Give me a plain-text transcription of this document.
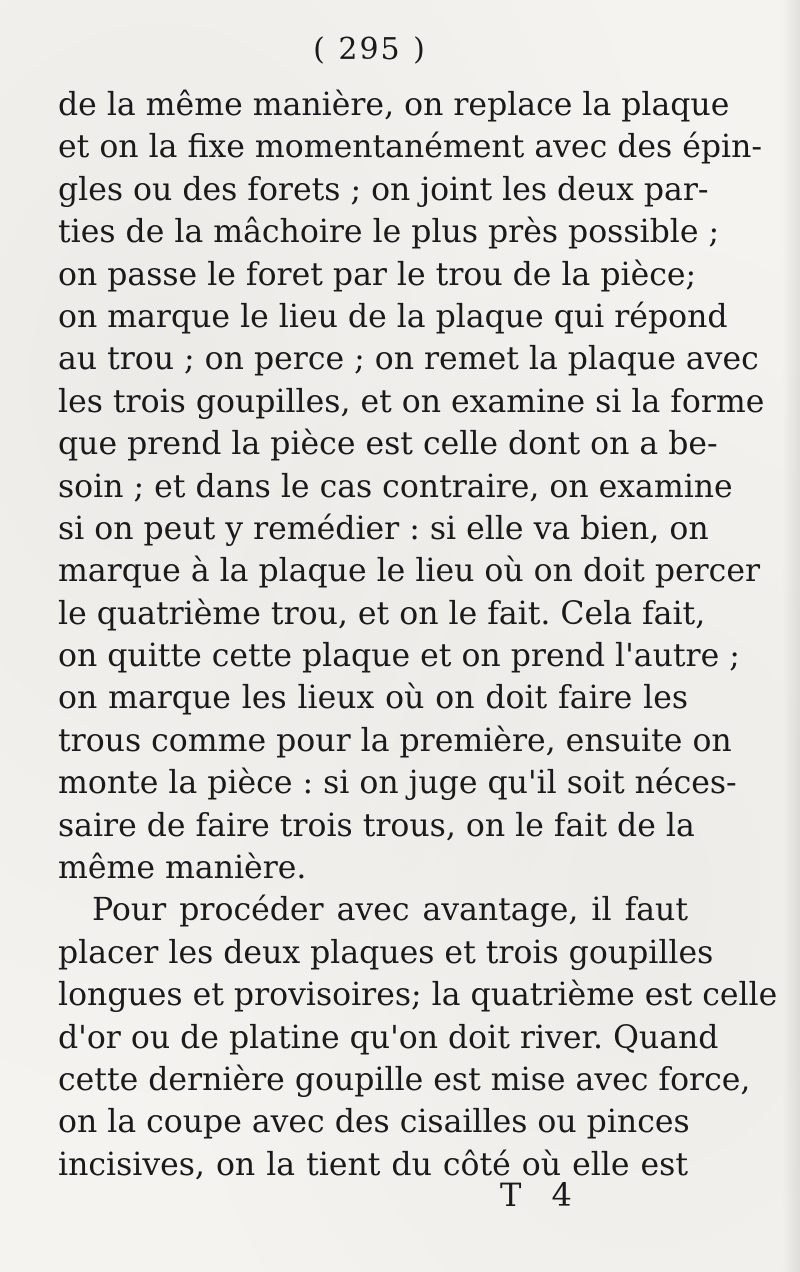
( 295 )
de la même manière, on replace la plaque
et on la fixe momentanément avec des épin-
gles ou des forets ; on joint les deux par-
ties de la mâchoire le plus près possible ;
on passe le foret par le trou de la pièce;
on marque le lieu de la plaque qui répond
au trou ; on perce ; on remet la plaque avec
les trois goupilles, et on examine si la forme
que prend la pièce est celle dont on a be-
soin ; et dans le cas contraire, on examine
si on peut y remédier : si elle va bien, on
marque à la plaque le lieu où on doit percer
le quatrième trou, et on le fait. Cela fait,
on quitte cette plaque et on prend l'autre ;
on marque les lieux où on doit faire les
trous comme pour la première, ensuite on
monte la pièce : si on juge qu'il soit néces-
saire de faire trois trous, on le fait de la
même manière.
Pour procéder avec avantage, il faut
placer les deux plaques et trois goupilles
longues et provisoires; la quatrième est celle
d'or ou de platine qu'on doit river. Quand
cette dernière goupille est mise avec force,
on la coupe avec des cisailles ou pinces
incisives, on la tient du côté où elle est
T 4
